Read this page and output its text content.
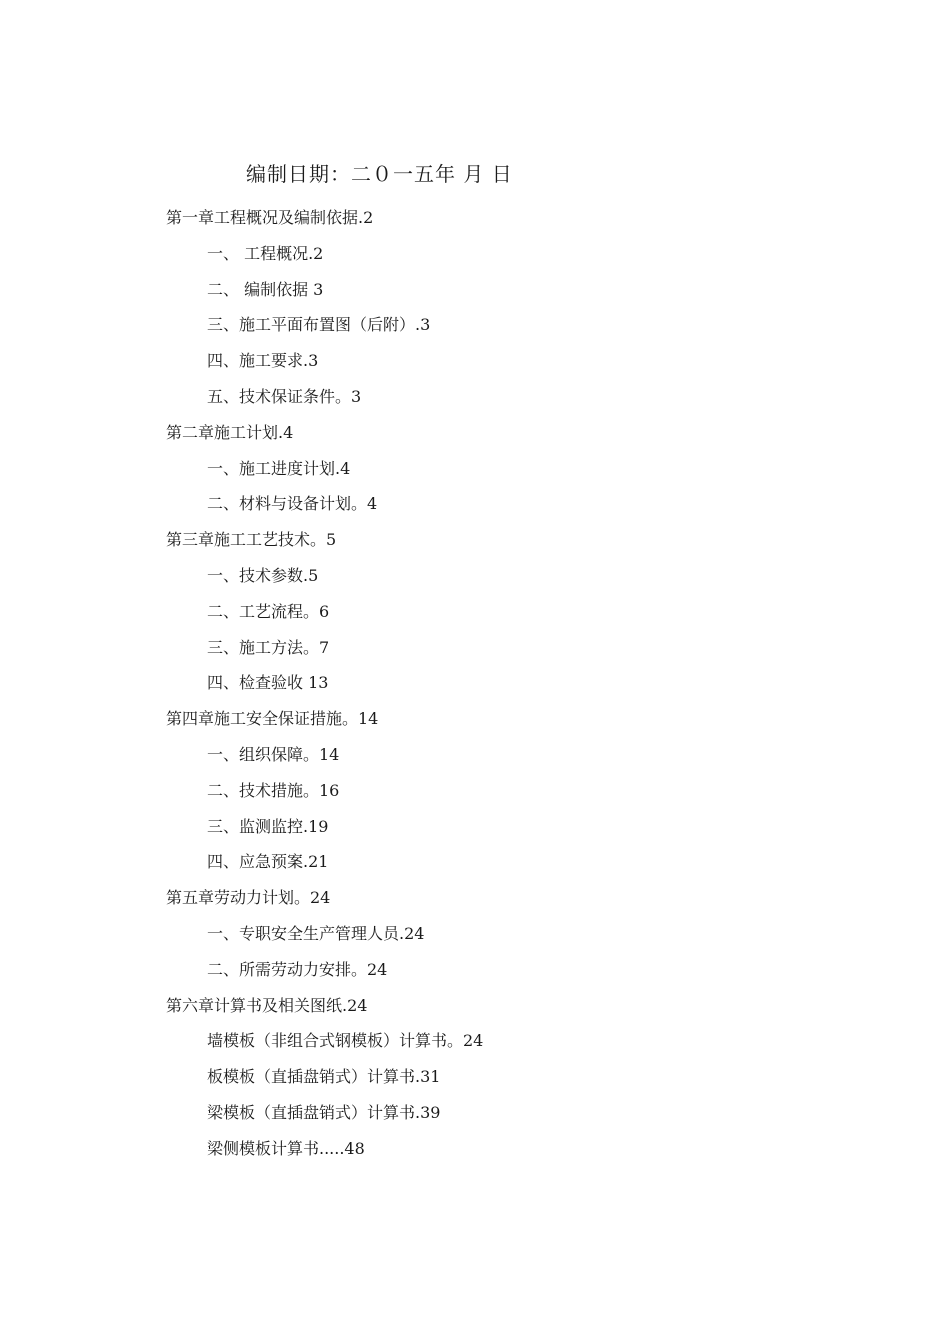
编制日期：二０一五年 月 日
第一章工程概况及编制依据.2
一、 工程概况.2
二、 编制依据 3
三、施工平面布置图（后附）.3
四、施工要求.3
五、技术保证条件。3
第二章施工计划.4
一、施工进度计划.4
二、材料与设备计划。4
第三章施工工艺技术。5
一、技术参数.5
二、工艺流程。6
三、施工方法。7
四、检查验收 13
第四章施工安全保证措施。14
一、组织保障。14
二、技术措施。16
三、监测监控.19
四、应急预案.21
第五章劳动力计划。24
一、专职安全生产管理人员.24
二、所需劳动力安排。24
第六章计算书及相关图纸.24
墙模板（非组合式钢模板）计算书。24
板模板（直插盘销式）计算书.31
梁模板（直插盘销式）计算书.39
梁侧模板计算书.....48
